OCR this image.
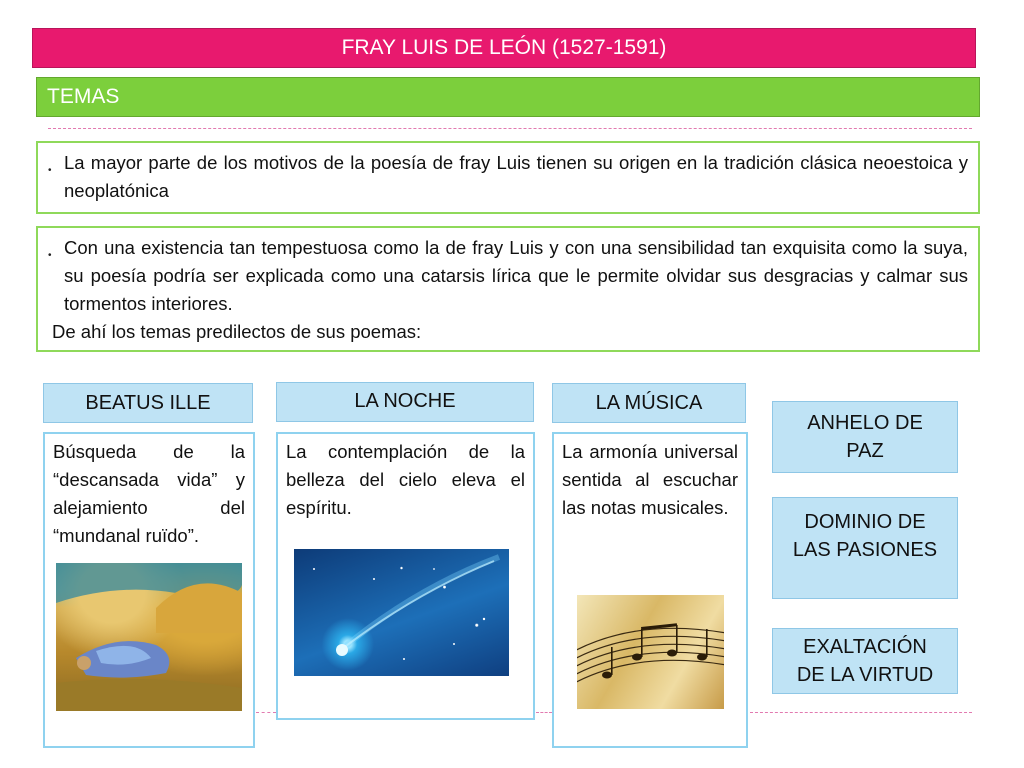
FRAY LUIS DE LEÓN (1527-1591)
TEMAS
• La mayor parte de los motivos de la poesía de fray Luis tienen su origen en la tradición clásica neoestoica y neoplatónica

• Con una existencia tan tempestuosa como la de fray Luis y con una sensibilidad tan exquisita como la suya, su poesía podría ser explicada como una catarsis lírica que le permite olvidar sus desgracias y calmar sus tormentos interiores.

De ahí los temas predilectos de sus poemas:

BEATUS ILLE
Búsqueda de la “descansada vida” y alejamiento del “mundanal ruïdo”.
LA NOCHE
La contemplación de la belleza del cielo eleva el espíritu.
LA MÚSICA
La armonía universal sentida al escuchar las notas musicales.
ANHELO DE
PAZ
DOMINIO DE
LAS PASIONES
EXALTACIÓN
DE LA VIRTUD
